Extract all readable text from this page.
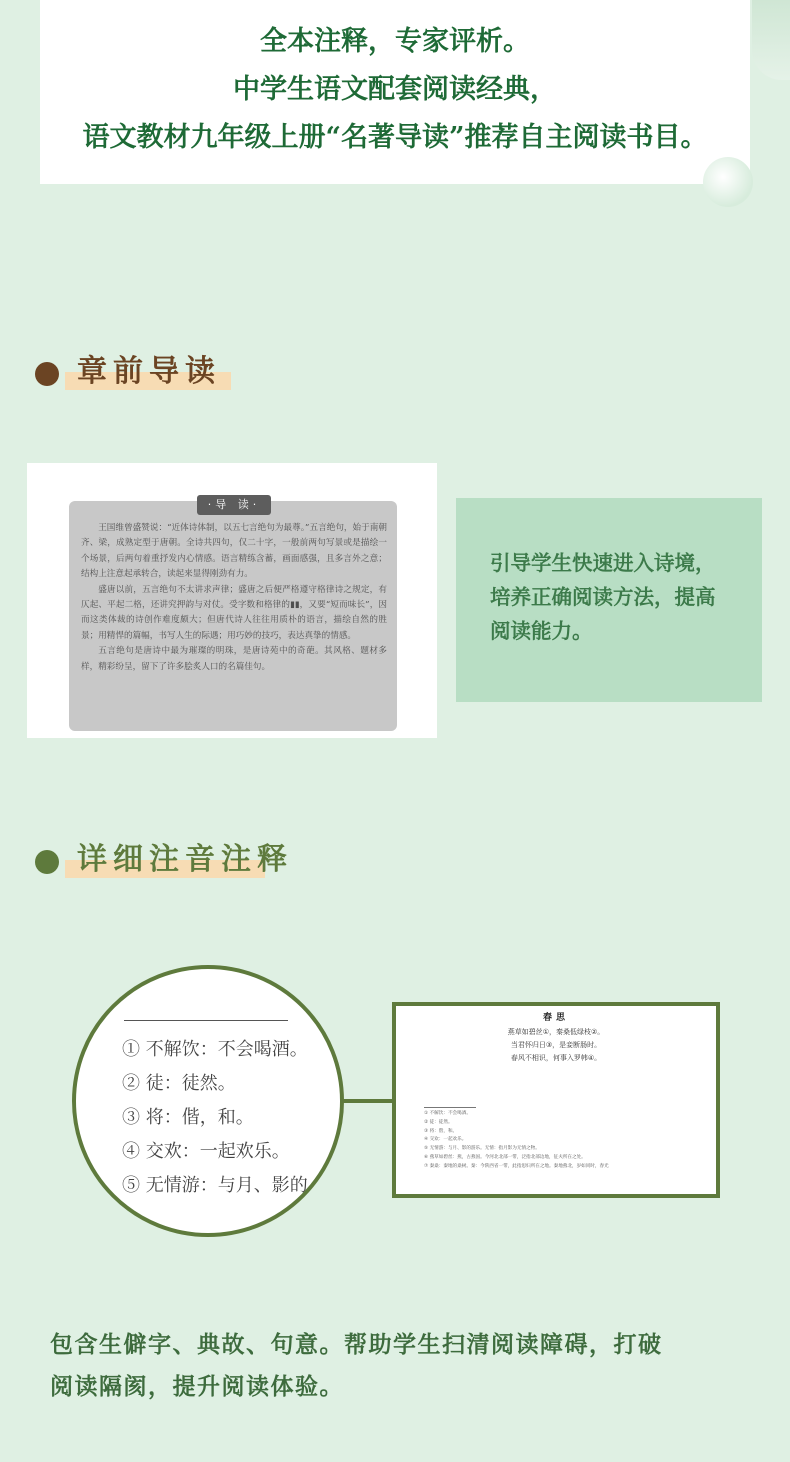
全本注释，专家评析。
中学生语文配套阅读经典，
语文教材九年级上册“名著导读”推荐自主阅读书目。
章前导读
·导 读·

王国维曾盛赞说：“近体诗体制，以五七言绝句为最尊。”五言绝句，始于南朝齐、梁，成熟定型于唐朝。全诗共四句，仅二十字，一般前两句写景或是描绘一个场景，后两句着重抒发内心情感。语言精练含蓄，画面感强，且多言外之意；结构上注意起承转合，读起来显得刚劲有力。

盛唐以前，五言绝句不太讲求声律；盛唐之后便严格遵守格律诗之规定，有仄起、平起二格，还讲究押韵与对仗。受字数和格律的▮▮，又要“短而味长”，因而这类体裁的诗创作难度颇大；但唐代诗人往往用质朴的语言，描绘自然的胜景；用精悍的篇幅，书写人生的际遇；用巧妙的技巧，表达真挚的情感。

五言绝句是唐诗中最为璀璨的明珠，是唐诗苑中的奇葩。其风格、题材多样，精彩纷呈，留下了许多脍炙人口的名篇佳句。

引导学生快速进入诗境，
培养正确阅读方法，提高
阅读能力。
详细注音注释
① 不解饮：不会喝酒。
② 徒：徒然。
③ 将：偕，和。
④ 交欢：一起欢乐。
⑤ 无情游：与月、影的
春思
燕草如碧丝①，秦桑低绿枝②。
当君怀归日③，是妾断肠时。
春风不相识，何事入罗帏④。
① 不解饮：不会喝酒。
② 徒：徒然。
③ 将：偕，和。
④ 交欢：一起欢乐。
⑤ 无情游：与月、影的游乐。无情：指月影为无情之物。
⑥ 燕草如碧丝：燕，古燕国。今河北北部一带，泛指北部边地，征夫所在之处。
⑦ 秦桑：秦地的桑树。秦：今陕西省一带，此指思妇所在之地。秦地燕北，岁如同时，春光
包含生僻字、典故、句意。帮助学生扫清阅读障碍，打破
阅读隔阂，提升阅读体验。
